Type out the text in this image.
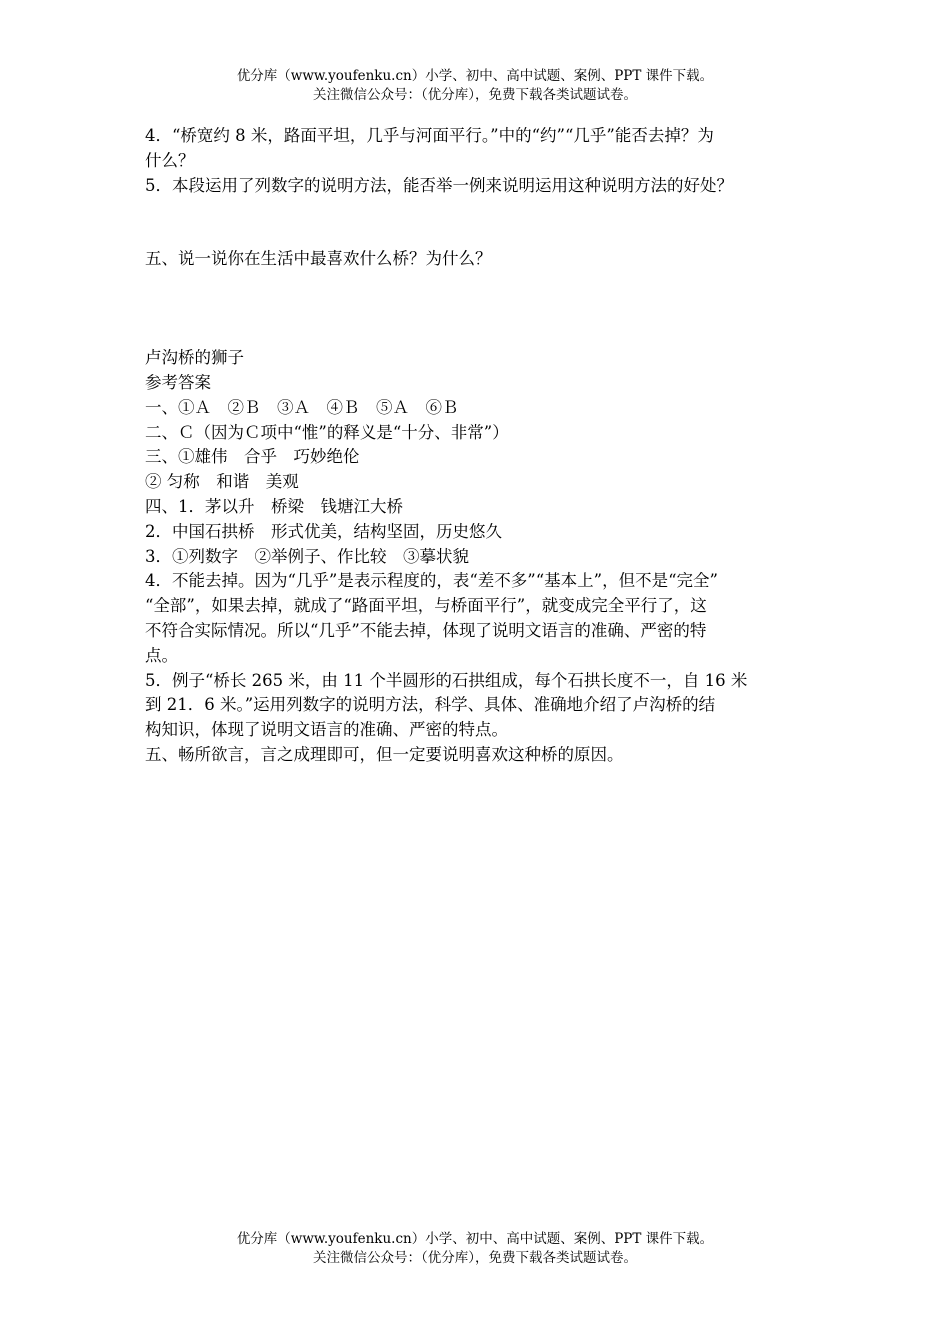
优分库（www.youfenku.cn）小学、初中、高中试题、案例、PPT 课件下载。
关注微信公众号：（优分库），免费下载各类试题试卷。

4．“桥宽约 8 米，路面平坦，几乎与河面平行。”中的“约”“几乎”能否去掉？为

什么？

5．本段运用了列数字的说明方法，能否举一例来说明运用这种说明方法的好处？

五、说一说你在生活中最喜欢什么桥？为什么？

卢沟桥的狮子

参考答案

一、①Ａ　②Ｂ　③Ａ　④Ｂ　⑤Ａ　⑥Ｂ

二、Ｃ（因为Ｃ项中“惟”的释义是“十分、非常”）

三、①雄伟　合乎　巧妙绝伦

② 匀称　和谐　美观

四、1．茅以升　桥梁　钱塘江大桥

2．中国石拱桥　形式优美，结构坚固，历史悠久

3．①列数字　②举例子、作比较　③摹状貌

4．不能去掉。因为“几乎”是表示程度的，表“差不多”“基本上”，但不是“完全”

“全部”，如果去掉，就成了“路面平坦，与桥面平行”，就变成完全平行了，这

不符合实际情况。所以“几乎”不能去掉，体现了说明文语言的准确、严密的特

点。

5．例子“桥长 265 米，由 11 个半圆形的石拱组成，每个石拱长度不一，自 16 米

到 21．6 米。”运用列数字的说明方法，科学、具体、准确地介绍了卢沟桥的结

构知识，体现了说明文语言的准确、严密的特点。

五、畅所欲言，言之成理即可，但一定要说明喜欢这种桥的原因。

优分库（www.youfenku.cn）小学、初中、高中试题、案例、PPT 课件下载。
关注微信公众号：（优分库），免费下载各类试题试卷。
